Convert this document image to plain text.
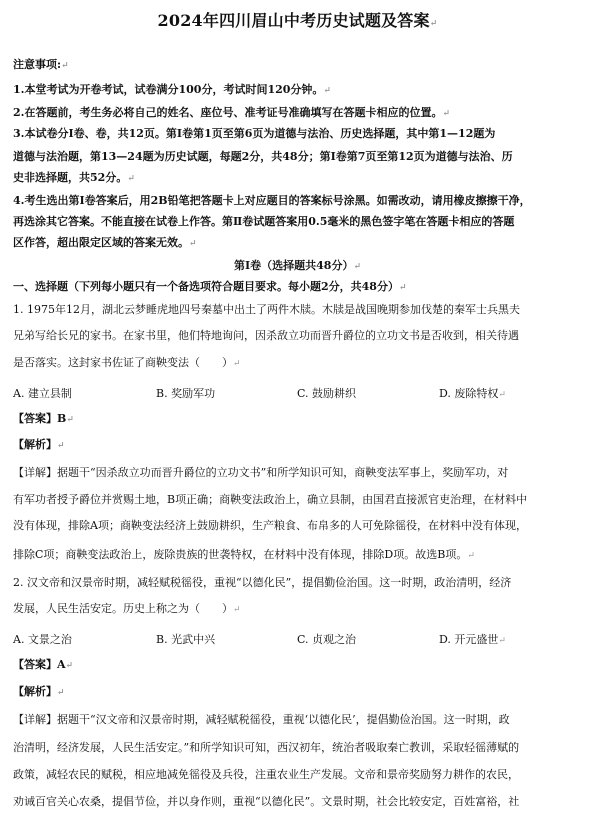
2024年四川眉山中考历史试题及答案↵
注意事项:↵
1.本堂考试为开卷考试，试卷满分100分，考试时间120分钟。↵
2.在答题前，考生务必将自己的姓名、座位号、准考证号准确填写在答题卡相应的位置。↵
3.本试卷分Ⅰ卷、卷，共12页。第Ⅰ卷第1页至第6页为道德与法治、历史选择题，其中第1—12题为
道德与法治题，第13—24题为历史试题，每题2分，共48分；第Ⅰ卷第7页至第12页为道德与法治、历
史非选择题，共52分。↵
4.考生选出第Ⅰ卷答案后，用2B铅笔把答题卡上对应题目的答案标号涂黑。如需改动，请用橡皮擦擦干净，
再选涂其它答案。不能直接在试卷上作答。第Ⅱ卷试题答案用0.5毫米的黑色签字笔在答题卡相应的答题
区作答，超出限定区域的答案无效。↵
第Ⅰ卷（选择题共48分）↵
一、选择题（下列每小题只有一个备选项符合题目要求。每小题2分，共48分）↵
1. 1975年12月，湖北云梦睡虎地四号秦墓中出土了两件木牍。木牍是战国晚期参加伐楚的秦军士兵黑夫
兄弟写给长兄的家书。在家书里，他们特地询问，因杀敌立功而晋升爵位的立功文书是否收到，相关待遇
是否落实。这封家书佐证了商鞅变法（　　）↵
A. 建立县制	B. 奖励军功	C. 鼓励耕织	D. 废除特权↵
【答案】B↵
【解析】↵
【详解】据题干“因杀敌立功而晋升爵位的立功文书”和所学知识可知，商鞅变法军事上，奖励军功，对
有军功者授予爵位并赏赐土地，B项正确；商鞅变法政治上，确立县制，由国君直接派官吏治理，在材料中
没有体现，排除A项；商鞅变法经济上鼓励耕织，生产粮食、布帛多的人可免除徭役，在材料中没有体现，
排除C项；商鞅变法政治上，废除贵族的世袭特权，在材料中没有体现，排除D项。故选B项。↵
2. 汉文帝和汉景帝时期，减轻赋税徭役，重视“以德化民”，提倡勤俭治国。这一时期，政治清明，经济
发展，人民生活安定。历史上称之为（　　）↵
A. 文景之治	B. 光武中兴	C. 贞观之治	D. 开元盛世↵
【答案】A↵
【解析】↵
【详解】据题干“汉文帝和汉景帝时期，减轻赋税徭役，重视‘以德化民’，提倡勤俭治国。这一时期，政
治清明，经济发展，人民生活安定。”和所学知识可知，西汉初年，统治者吸取秦亡教训，采取轻徭薄赋的
政策，减轻农民的赋税，相应地减免徭役及兵役，注重农业生产发展。文帝和景帝奖励努力耕作的农民，
劝诫百官关心农桑，提倡节俭，并以身作则，重视“以德化民”。文景时期，社会比较安定，百姓富裕，社
